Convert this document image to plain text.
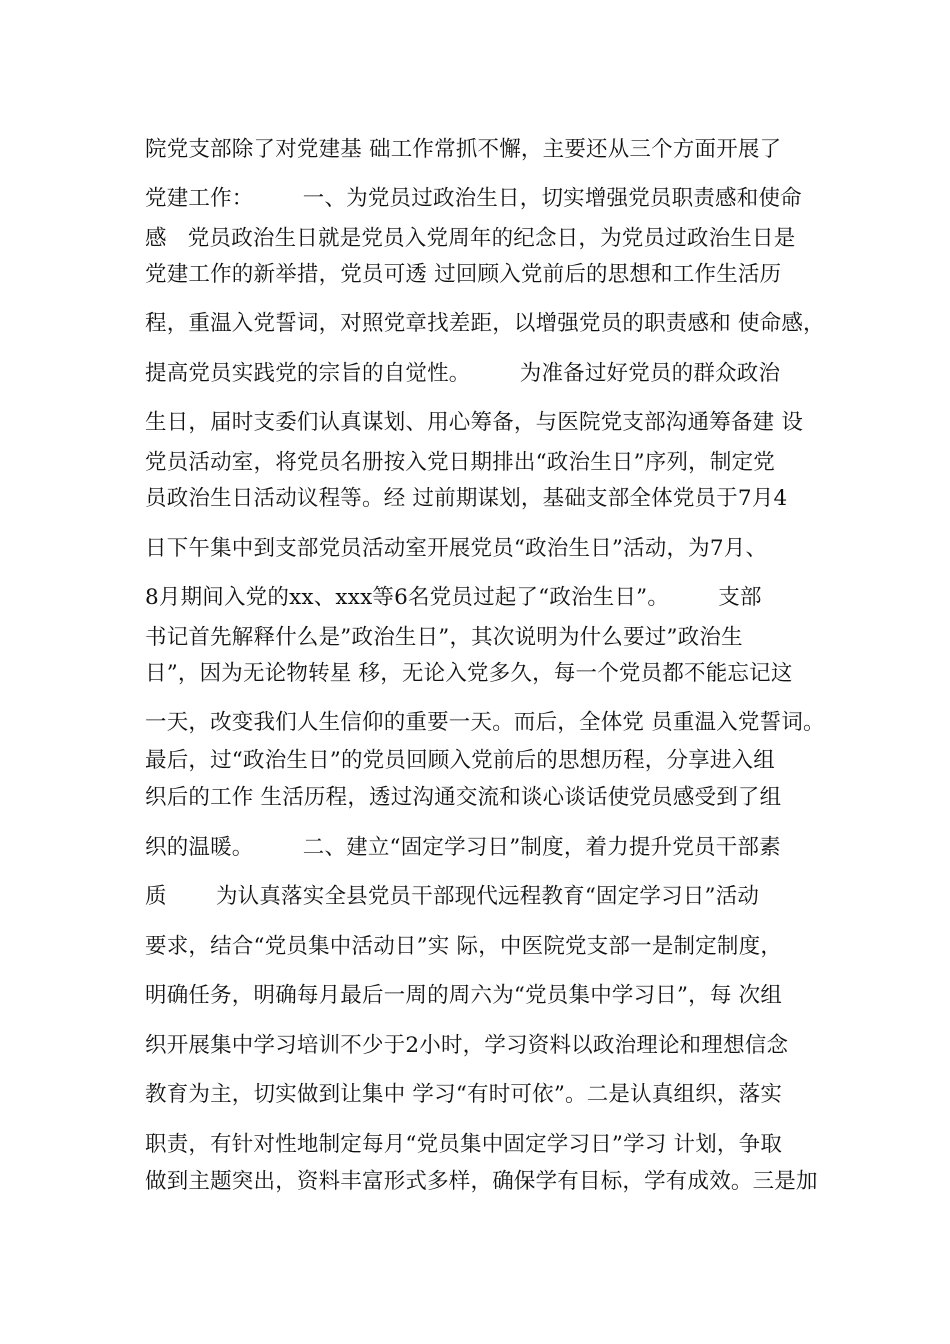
院党支部除了对党建基 础工作常抓不懈，主要还从三个方面开展了
党建工作：       一、为党员过政治生日，切实增强党员职责感和使命
感   党员政治生日就是党员入党周年的纪念日，为党员过政治生日是
党建工作的新举措，党员可透 过回顾入党前后的思想和工作生活历
程，重温入党誓词，对照党章找差距，以增强党员的职责感和 使命感，
提高党员实践党的宗旨的自觉性。       为准备过好党员的群众政治
生日，届时支委们认真谋划、用心筹备，与医院党支部沟通筹备建 设
党员活动室，将党员名册按入党日期排出“政治生日”序列，制定党
员政治生日活动议程等。经 过前期谋划，基础支部全体党员于7月4
日下午集中到支部党员活动室开展党员“政治生日”活动，为7月、
8月期间入党的xx、xxx等6名党员过起了“政治生日”。       支部
书记首先解释什么是”政治生日”，其次说明为什么要过”政治生
日”，因为无论物转星 移，无论入党多久，每一个党员都不能忘记这
一天，改变我们人生信仰的重要一天。而后，全体党 员重温入党誓词。
最后，过“政治生日”的党员回顾入党前后的思想历程，分享进入组
织后的工作 生活历程，透过沟通交流和谈心谈话使党员感受到了组
织的温暖。       二、建立“固定学习日”制度，着力提升党员干部素
质       为认真落实全县党员干部现代远程教育“固定学习日”活动
要求，结合“党员集中活动日”实 际，中医院党支部一是制定制度，
明确任务，明确每月最后一周的周六为“党员集中学习日”，每 次组
织开展集中学习培训不少于2小时，学习资料以政治理论和理想信念
教育为主，切实做到让集中 学习“有时可依”。二是认真组织，落实
职责，有针对性地制定每月“党员集中固定学习日”学习 计划，争取
做到主题突出，资料丰富形式多样，确保学有目标，学有成效。三是加
